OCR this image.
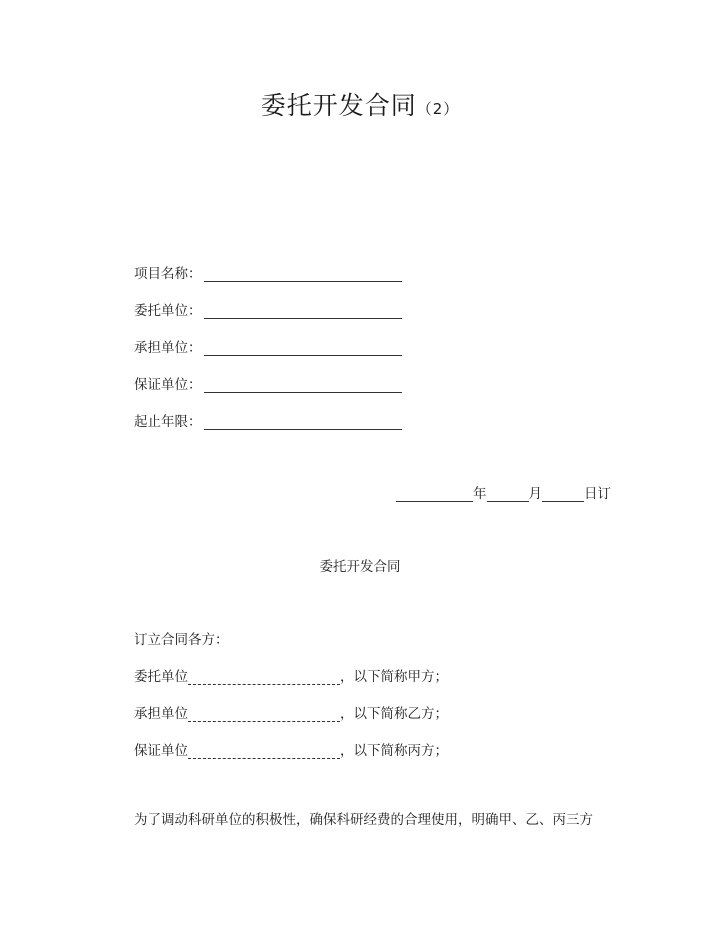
委托开发合同（2）
项目名称：
委托单位：
承担单位：
保证单位：
起止年限：
年	月	日订
委托开发合同
订立合同各方：
委托单位	，以下简称甲方；
承担单位	，以下简称乙方；
保证单位	，以下简称丙方；
为了调动科研单位的积极性，确保科研经费的合理使用，明确甲、乙、丙三方
